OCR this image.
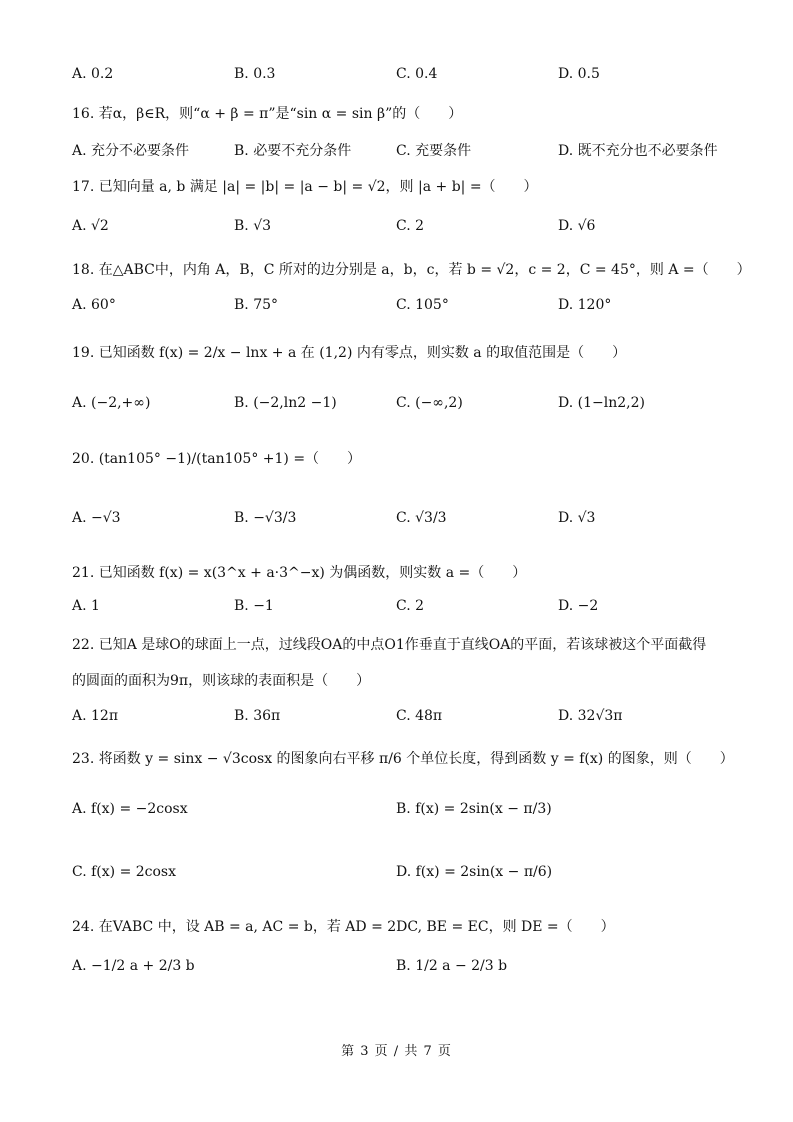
A. 0.2	B. 0.3	C. 0.4	D. 0.5
16. 若α，β∈R，则“α + β = π”是“sin α = sin β”的（　　）
A. 充分不必要条件	B. 必要不充分条件	C. 充要条件	D. 既不充分也不必要条件
17. 已知向量 a, b 满足 |a| = |b| = |a − b| = √2，则 |a + b| =（　　）
A. √2	B. √3	C. 2	D. √6
18. 在△ABC中，内角 A，B，C 所对的边分别是 a，b，c，若 b = √2，c = 2，C = 45°，则 A =（　　）
A. 60°	B. 75°	C. 105°	D. 120°
19. 已知函数 f(x) = 2/x − lnx + a 在 (1,2) 内有零点，则实数 a 的取值范围是（　　）
A. (−2,+∞)	B. (−2,ln2 −1)	C. (−∞,2)	D. (1−ln2,2)
20. (tan105° −1)/(tan105° +1) =（　　）
A. −√3	B. −√3/3	C. √3/3	D. √3
21. 已知函数 f(x) = x(3^x + a·3^−x) 为偶函数，则实数 a =（　　）
A. 1	B. −1	C. 2	D. −2
22. 已知A 是球O的球面上一点，过线段OA的中点O1作垂直于直线OA的平面，若该球被这个平面截得
的圆面的面积为9π，则该球的表面积是（　　）
A. 12π	B. 36π	C. 48π	D. 32√3π
23. 将函数 y = sinx − √3cosx 的图象向右平移 π/6 个单位长度，得到函数 y = f(x) 的图象，则（　　）
A. f(x) = −2cosx	B. f(x) = 2sin(x − π/3)
C. f(x) = 2cosx	D. f(x) = 2sin(x − π/6)
24. 在VABC 中，设 AB = a, AC = b，若 AD = 2DC, BE = EC，则 DE =（　　）
A. −1/2 a + 2/3 b	B. 1/2 a − 2/3 b
第 3 页 / 共 7 页
